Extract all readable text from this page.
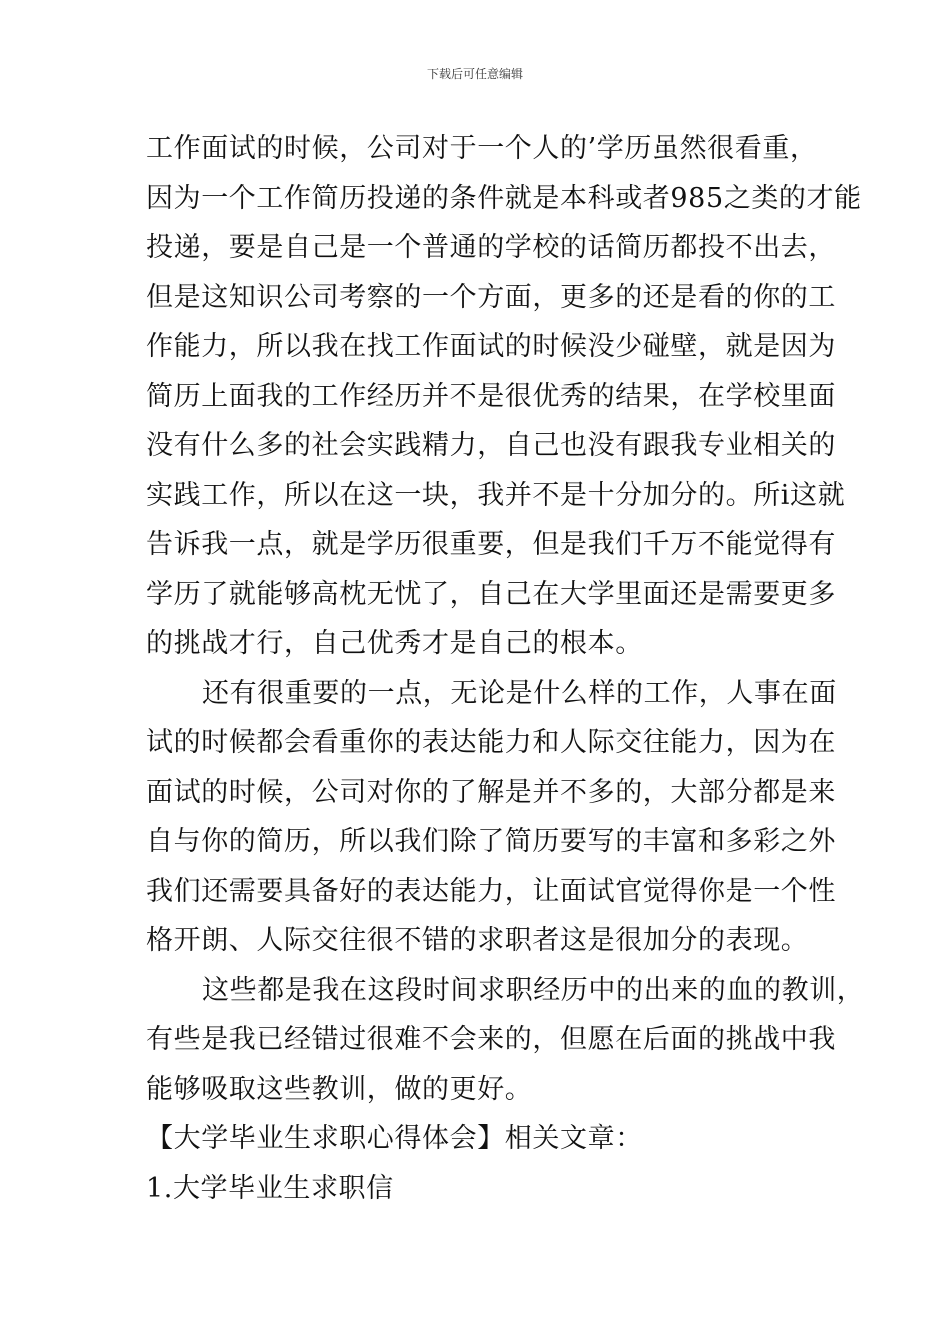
下载后可任意编辑
工作面试的时候，公司对于一个人的’学历虽然很看重，
因为一个工作简历投递的条件就是本科或者985之类的才能
投递，要是自己是一个普通的学校的话简历都投不出去，
但是这知识公司考察的一个方面，更多的还是看的你的工
作能力，所以我在找工作面试的时候没少碰壁，就是因为
简历上面我的工作经历并不是很优秀的结果，在学校里面
没有什么多的社会实践精力，自己也没有跟我专业相关的
实践工作，所以在这一块，我并不是十分加分的。所i这就
告诉我一点，就是学历很重要，但是我们千万不能觉得有
学历了就能够高枕无忧了，自己在大学里面还是需要更多
的挑战才行，自己优秀才是自己的根本。
还有很重要的一点，无论是什么样的工作，人事在面
试的时候都会看重你的表达能力和人际交往能力，因为在
面试的时候，公司对你的了解是并不多的，大部分都是来
自与你的简历，所以我们除了简历要写的丰富和多彩之外
我们还需要具备好的表达能力，让面试官觉得你是一个性
格开朗、人际交往很不错的求职者这是很加分的表现。
这些都是我在这段时间求职经历中的出来的血的教训，
有些是我已经错过很难不会来的，但愿在后面的挑战中我
能够吸取这些教训，做的更好。
【大学毕业生求职心得体会】相关文章：
1.大学毕业生求职信
